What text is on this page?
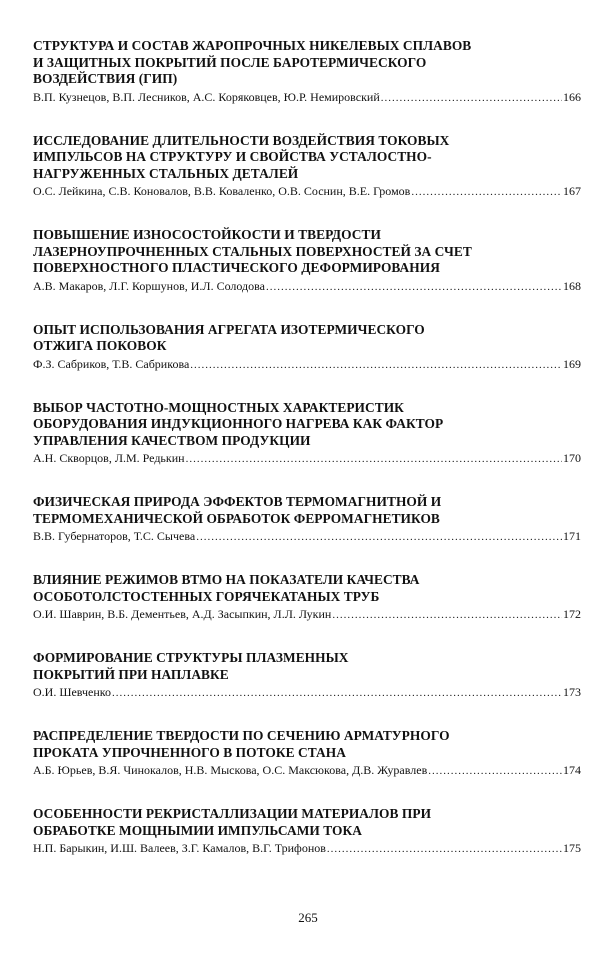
СТРУКТУРА И СОСТАВ ЖАРОПРОЧНЫХ НИКЕЛЕВЫХ СПЛАВОВ
И ЗАЩИТНЫХ ПОКРЫТИЙ ПОСЛЕ БАРОТЕРМИЧЕСКОГО
ВОЗДЕЙСТВИЯ (ГИП)
В.П. Кузнецов, В.П. Лесников, А.С. Коряковцев, Ю.Р. Немировский .....	166
ИССЛЕДОВАНИЕ ДЛИТЕЛЬНОСТИ ВОЗДЕЙСТВИЯ ТОКОВЫХ
ИМПУЛЬСОВ НА СТРУКТУРУ И СВОЙСТВА УСТАЛОСТНО-
НАГРУЖЕННЫХ СТАЛЬНЫХ ДЕТАЛЕЙ
О.С. Лейкина, С.В. Коновалов, В.В. Коваленко, О.В. Соснин, В.Е. Громов .....	167
ПОВЫШЕНИЕ ИЗНОСОСТОЙКОСТИ И ТВЕРДОСТИ
ЛАЗЕРНОУПРОЧНЕННЫХ СТАЛЬНЫХ ПОВЕРХНОСТЕЙ ЗА СЧЕТ
ПОВЕРХНОСТНОГО ПЛАСТИЧЕСКОГО ДЕФОРМИРОВАНИЯ
А.В. Макаров, Л.Г. Коршунов, И.Л. Солодова .....	168
ОПЫТ ИСПОЛЬЗОВАНИЯ АГРЕГАТА ИЗОТЕРМИЧЕСКОГО
ОТЖИГА ПОКОВОК
Ф.З. Сабриков, Т.В. Сабрикова .....	169
ВЫБОР ЧАСТОТНО-МОЩНОСТНЫХ ХАРАКТЕРИСТИК
ОБОРУДОВАНИЯ ИНДУКЦИОННОГО НАГРЕВА КАК ФАКТОР
УПРАВЛЕНИЯ КАЧЕСТВОМ ПРОДУКЦИИ
А.Н. Скворцов, Л.М. Редькин .....	170
ФИЗИЧЕСКАЯ ПРИРОДА ЭФФЕКТОВ ТЕРМОМАГНИТНОЙ И
ТЕРМОМЕХАНИЧЕСКОЙ ОБРАБОТОК ФЕРРОМАГНЕТИКОВ
В.В. Губернаторов, Т.С. Сычева .....	171
ВЛИЯНИЕ РЕЖИМОВ ВТМО НА ПОКАЗАТЕЛИ КАЧЕСТВА
ОСОБОТОЛСТОСТЕННЫХ ГОРЯЧЕКАТАНЫХ ТРУБ
О.И. Шаврин, В.Б. Дементьев, А.Д. Засыпкин, Л.Л. Лукин .....	172
ФОРМИРОВАНИЕ СТРУКТУРЫ ПЛАЗМЕННЫХ
ПОКРЫТИЙ ПРИ НАПЛАВКЕ
О.И. Шевченко .....	173
РАСПРЕДЕЛЕНИЕ ТВЕРДОСТИ ПО СЕЧЕНИЮ АРМАТУРНОГО
ПРОКАТА УПРОЧНЕННОГО В ПОТОКЕ СТАНА
А.Б. Юрьев, В.Я. Чинокалов, Н.В. Мыскова, О.С. Максюкова, Д.В. Журавлев .....	174
ОСОБЕННОСТИ РЕКРИСТАЛЛИЗАЦИИ МАТЕРИАЛОВ ПРИ
ОБРАБОТКЕ МОЩНЫМИИ ИМПУЛЬСАМИ ТОКА
Н.П. Барыкин, И.Ш. Валеев, З.Г. Камалов, В.Г. Трифонов .....	175
265
